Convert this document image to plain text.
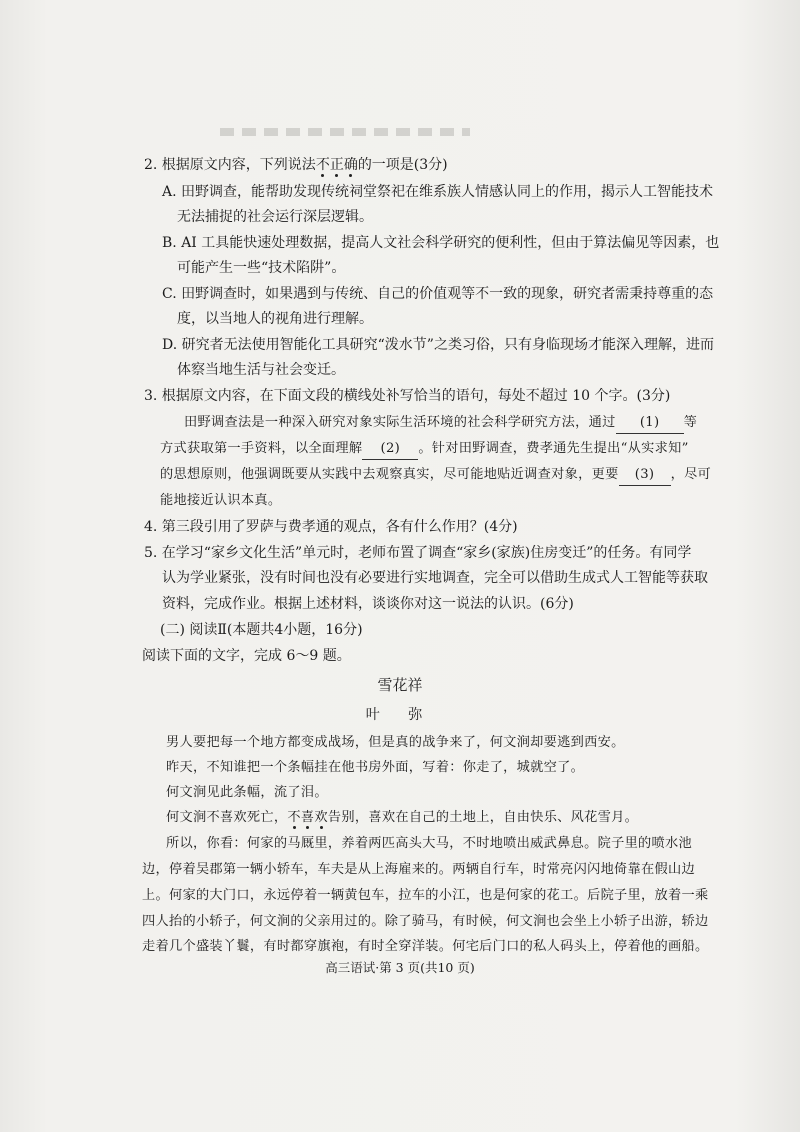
2. 根据原文内容，下列说法不正确的一项是(3分)
A. 田野调查，能帮助发现传统祠堂祭祀在维系族人情感认同上的作用，揭示人工智能技术
无法捕捉的社会运行深层逻辑。
B. AI 工具能快速处理数据，提高人文社会科学研究的便利性，但由于算法偏见等因素，也
可能产生一些“技术陷阱”。
C. 田野调查时，如果遇到与传统、自己的价值观等不一致的现象，研究者需秉持尊重的态
度，以当地人的视角进行理解。
D. 研究者无法使用智能化工具研究“泼水节”之类习俗，只有身临现场才能深入理解，进而
体察当地生活与社会变迁。
3. 根据原文内容，在下面文段的横线处补写恰当的语句，每处不超过 10 个字。(3分)
田野调查法是一种深入研究对象实际生活环境的社会科学研究方法，通过 (1) 等
方式获取第一手资料，以全面理解 (2) 。针对田野调查，费孝通先生提出“从实求知”
的思想原则，他强调既要从实践中去观察真实，尽可能地贴近调查对象，更要 (3) ，尽可
能地接近认识本真。
4. 第三段引用了罗萨与费孝通的观点，各有什么作用？(4分)
5. 在学习“家乡文化生活”单元时，老师布置了调查“家乡(家族)住房变迁”的任务。有同学
认为学业紧张，没有时间也没有必要进行实地调查，完全可以借助生成式人工智能等获取
资料，完成作业。根据上述材料，谈谈你对这一说法的认识。(6分)
(二) 阅读Ⅱ(本题共4小题，16分)
阅读下面的文字，完成 6～9 题。
雪花祥
叶 弥
男人要把每一个地方都变成战场，但是真的战争来了，何文涧却要逃到西安。
昨天，不知谁把一个条幅挂在他书房外面，写着：你走了，城就空了。
何文涧见此条幅，流了泪。
何文涧不喜欢死亡，不喜欢告别，喜欢在自己的土地上，自由快乐、风花雪月。
所以，你看：何家的马厩里，养着两匹高头大马，不时地喷出威武鼻息。院子里的喷水池
边，停着吴郡第一辆小轿车，车夫是从上海雇来的。两辆自行车，时常亮闪闪地倚靠在假山边
上。何家的大门口，永远停着一辆黄包车，拉车的小江，也是何家的花工。后院子里，放着一乘
四人抬的小轿子，何文涧的父亲用过的。除了骑马，有时候，何文涧也会坐上小轿子出游，轿边
走着几个盛装丫鬟，有时都穿旗袍，有时全穿洋装。何宅后门口的私人码头上，停着他的画船。
高三语试·第 3 页(共10 页)
